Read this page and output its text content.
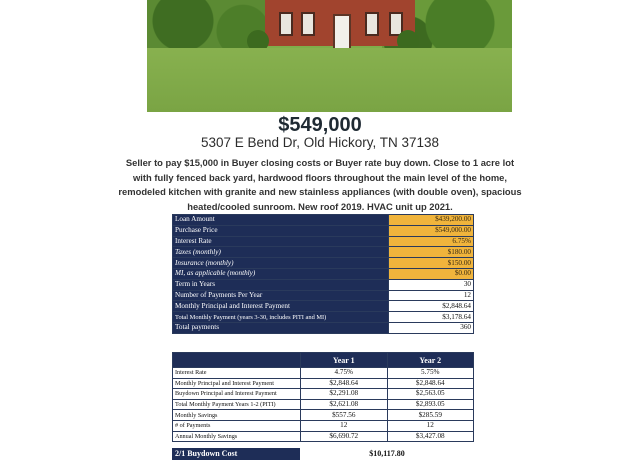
$549,000
5307 E Bend Dr, Old Hickory, TN 37138
Seller to pay $15,000 in Buyer closing costs or Buyer rate buy down. Close to 1 acre lot with fully fenced back yard, hardwood floors throughout the main level of the home, remodeled kitchen with granite and new stainless appliances (with double oven), spacious heated/cooled sunroom. New roof 2019. HVAC unit up 2021.
Loan Amount	$439,200.00
Purchase Price	$549,000.00
Interest Rate	6.75%
Taxes (monthly)	$180.00
Insurance (monthly)	$150.00
MI, as applicable (monthly)	$0.00
Term in Years	30
Number of Payments Per Year	12
Monthly Principal and Interest Payment	$2,848.64
Total Monthly Payment (years 3-30, includes PITI and MI)	$3,178.64
Total payments	360
	Year 1	Year 2
Interest Rate	4.75%	5.75%
Monthly Principal and Interest Payment	$2,848.64	$2,848.64
Buydown Principal and Interest Payment	$2,291.08	$2,563.05
Total Monthly Payment Years 1-2 (PITI)	$2,621.08	$2,893.05
Monthly Savings	$557.56	$285.59
# of Payments	12	12
Annual Monthly Savings	$6,690.72	$3,427.08
2/1 Buydown Cost	$10,117.80
